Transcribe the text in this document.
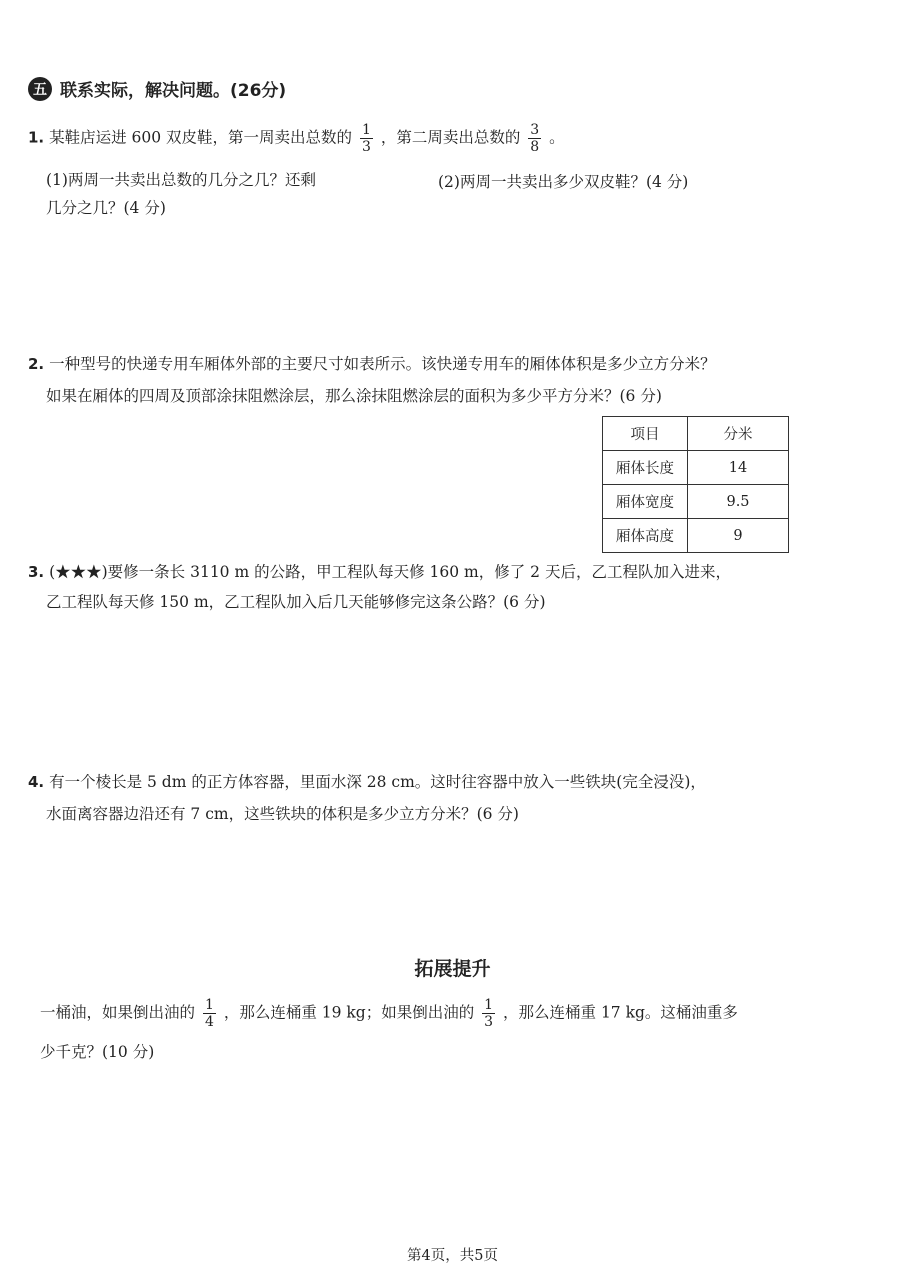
五 联系实际，解决问题。(26分)
1. 某鞋店运进 600 双皮鞋，第一周卖出总数的 $\frac{1}{3}$ ，第二周卖出总数的 $\frac{3}{8}$ 。
(1)两周一共卖出总数的几分之几？还剩
几分之几？(4 分)
(2)两周一共卖出多少双皮鞋？(4 分)
2. 一种型号的快递专用车厢体外部的主要尺寸如表所示。该快递专用车的厢体体积是多少立方分米？
如果在厢体的四周及顶部涂抹阻燃涂层，那么涂抹阻燃涂层的面积为多少平方分米？(6 分)
项目	分米
厢体长度	14
厢体宽度	9.5
厢体高度	9
3. (★★★)要修一条长 3110 m 的公路，甲工程队每天修 160 m，修了 2 天后，乙工程队加入进来，
乙工程队每天修 150 m，乙工程队加入后几天能够修完这条公路？(6 分)
4. 有一个棱长是 5 dm 的正方体容器，里面水深 28 cm。这时往容器中放入一些铁块(完全浸没)，
水面离容器边沿还有 7 cm，这些铁块的体积是多少立方分米？(6 分)
拓展提升
一桶油，如果倒出油的 $\frac{1}{4}$ ，那么连桶重 19 kg；如果倒出油的 $\frac{1}{3}$ ，那么连桶重 17 kg。这桶油重多
少千克？(10 分)
第4页，共5页
